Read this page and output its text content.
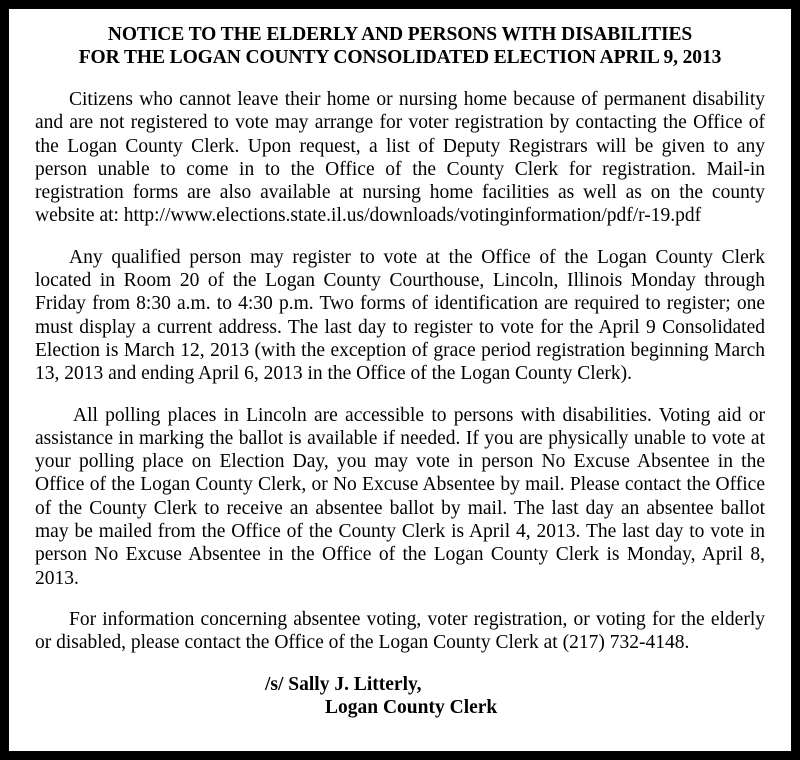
NOTICE TO THE ELDERLY AND PERSONS WITH DISABILITIES
FOR THE LOGAN COUNTY CONSOLIDATED ELECTION APRIL 9, 2013

Citizens who cannot leave their home or nursing home because of permanent disability and are not registered to vote may arrange for voter registration by contacting the Office of the Logan County Clerk. Upon request, a list of Deputy Registrars will be given to any person unable to come in to the Office of the County Clerk for registration. Mail-in registration forms are also available at nursing home facilities as well as on the county website at: http://www.elections.state.il.us/downloads/votinginformation/pdf/r-19.pdf

Any qualified person may register to vote at the Office of the Logan County Clerk located in Room 20 of the Logan County Courthouse, Lincoln, Illinois Monday through Friday from 8:30 a.m. to 4:30 p.m. Two forms of identification are required to register; one must display a current address. The last day to register to vote for the April 9 Consolidated Election is March 12, 2013 (with the exception of grace period registration beginning March 13, 2013 and ending April 6, 2013 in the Office of the Logan County Clerk).

All polling places in Lincoln are accessible to persons with disabilities. Voting aid or assistance in marking the ballot is available if needed. If you are physically unable to vote at your polling place on Election Day, you may vote in person No Excuse Absentee in the Office of the Logan County Clerk, or No Excuse Absentee by mail. Please contact the Office of the County Clerk to receive an absentee ballot by mail. The last day an absentee ballot may be mailed from the Office of the County Clerk is April 4, 2013. The last day to vote in person No Excuse Absentee in the Office of the Logan County Clerk is Monday, April 8, 2013.

For information concerning absentee voting, voter registration, or voting for the elderly or disabled, please contact the Office of the Logan County Clerk at (217) 732-4148.

/s/ Sally J. Litterly,
Logan County Clerk
